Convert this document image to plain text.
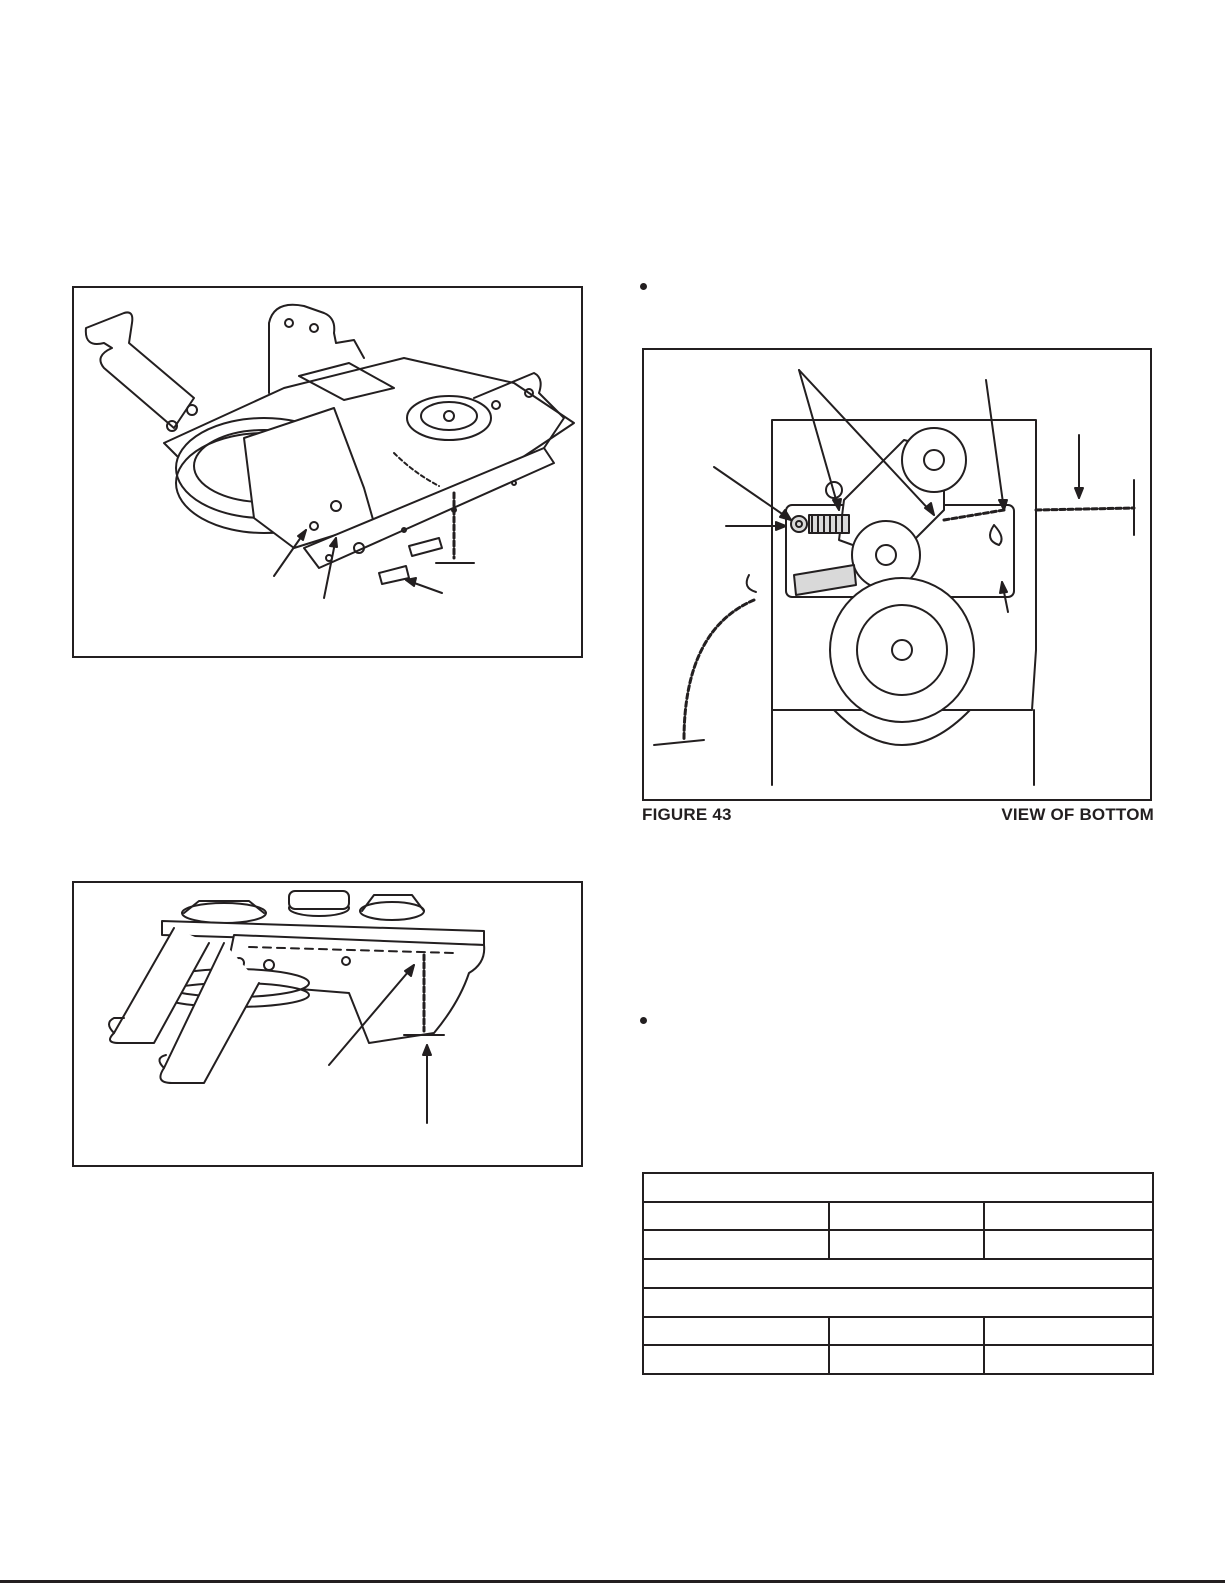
FIGURE 43	VIEW OF BOTTOM
